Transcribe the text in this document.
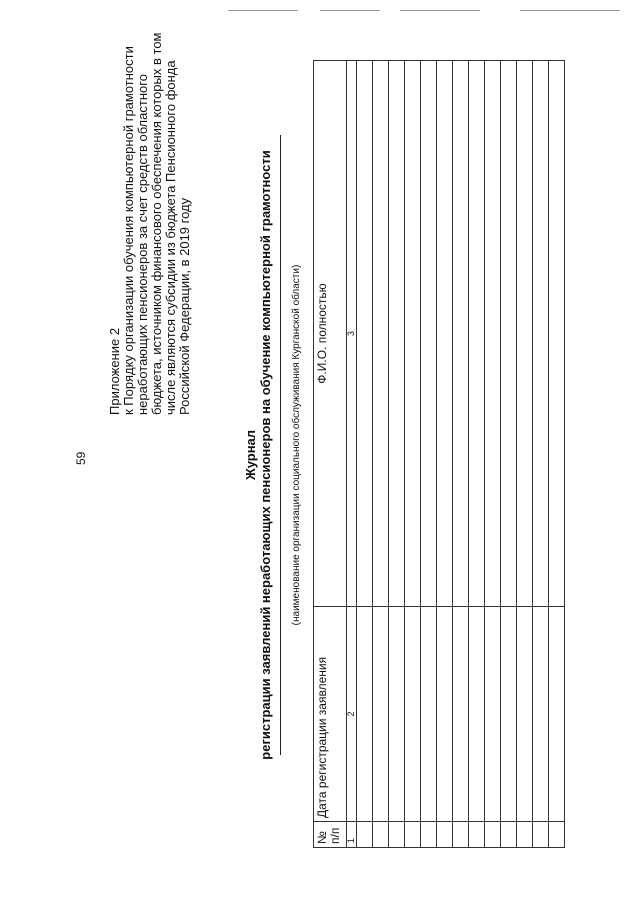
59
Приложение 2 к Порядку организации обучения компьютерной грамотности неработающих пенсионеров за счет средств областного бюджета, источником финансового обеспечения которых в том числе являются субсидии из бюджета Пенсионного фонда Российской Федерации, в 2019 году
Журнал регистрации заявлений неработающих пенсионеров на обучение компьютерной грамотности (наименование организации социального обслуживания Курганской области)
№ п/п	Дата регистрации заявления	Ф.И.О. полностью
1	2	3
